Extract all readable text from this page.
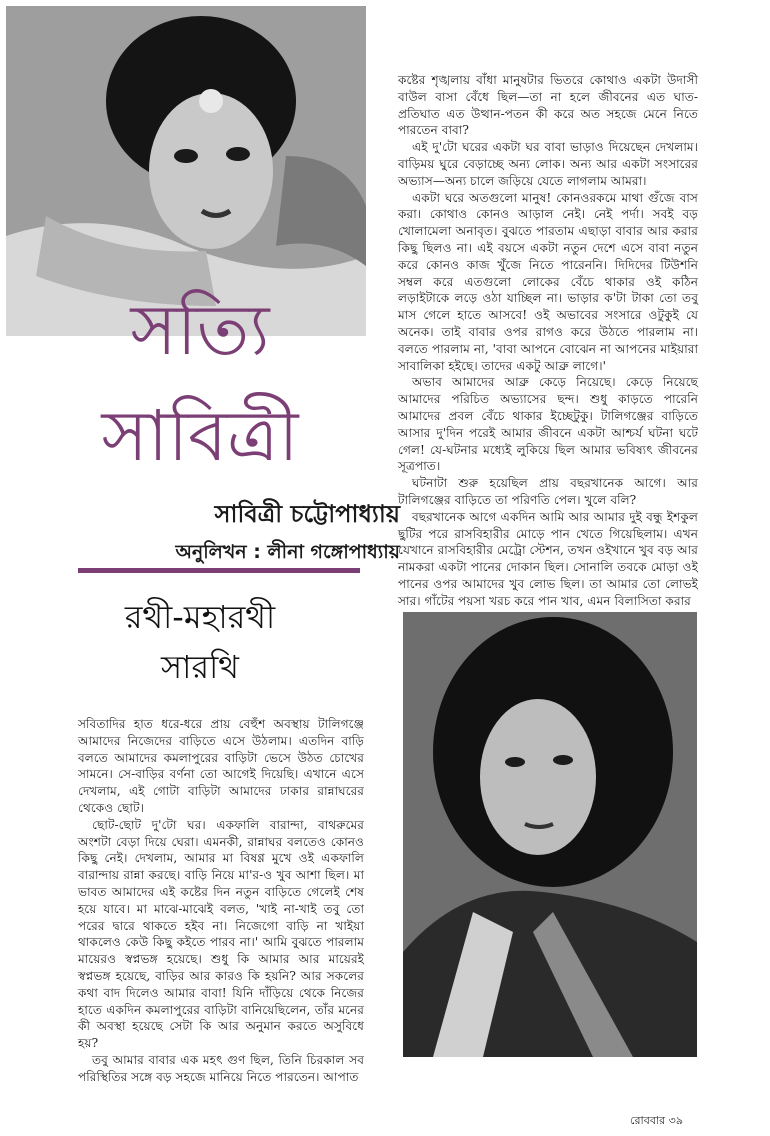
সত্যি
সাবিত্রী
সাবিত্রী চট্টোপাধ্যায়
অনুলিখন : লীনা গঙ্গোপাধ্যায়
রথী-মহারথী
সারথি

সবিতাদির হাত ধরে-ধরে প্রায় বেহুঁশ অবস্থায় টালিগঞ্জে আমাদের নিজেদের বাড়িতে এসে উঠলাম। এতদিন বাড়ি বলতে আমাদের কমলাপুরের বাড়িটা ভেসে উঠত চোখের সামনে। সে-বাড়ির বর্ণনা তো আগেই দিয়েছি। এখানে এসে দেখলাম, এই গোটা বাড়িটা আমাদের ঢাকার রান্নাঘরের থেকেও ছোট।

ছোট-ছোট দু'টো ঘর। একফালি বারান্দা, বাথরুমের অংশটা বেড়া দিয়ে ঘেরা। এমনকী, রান্নাঘর বলতেও কোনও কিছু নেই। দেখলাম, আমার মা বিষণ্ণ মুখে ওই একফালি বারান্দায় রান্না করছে। বাড়ি নিয়ে মা'র-ও খুব আশা ছিল। মা ভাবত আমাদের এই কষ্টের দিন নতুন বাড়িতে গেলেই শেষ হয়ে যাবে। মা মাঝে-মাঝেই বলত, 'খাই না-খাই তবু তো পরের দ্বারে থাকতে হইব না। নিজেগো বাড়ি না খাইয়া থাকলেও কেউ কিছু কইতে পারব না।' আমি বুঝতে পারলাম মায়েরও স্বপ্নভঙ্গ হয়েছে। শুধু কি আমার আর মায়েরই স্বপ্নভঙ্গ হয়েছে, বাড়ির আর কারও কি হয়নি? আর সকলের কথা বাদ দিলেও আমার বাবা! যিনি দাঁড়িয়ে থেকে নিজের হাতে একদিন কমলাপুরের বাড়িটা বানিয়েছিলেন, তাঁর মনের কী অবস্থা হয়েছে সেটা কি আর অনুমান করতে অসুবিধে হয়?

তবু আমার বাবার এক মহৎ গুণ ছিল, তিনি চিরকাল সব পরিস্থিতির সঙ্গে বড় সহজে মানিয়ে নিতে পারতেন। আপাত

কষ্টের শৃঙ্খলায় বাঁধা মানুষটার ভিতরে কোথাও একটা উদাসী বাউল বাসা বেঁধে ছিল—তা না হলে জীবনের এত ঘাত-প্রতিঘাত এত উত্থান-পতন কী করে অত সহজে মেনে নিতে পারতেন বাবা?

এই দু'টো ঘরের একটা ঘর বাবা ভাড়াও দিয়েছেন দেখলাম। বাড়িময় ঘুরে বেড়াচ্ছে অন্য লোক। অন্য আর একটা সংসারের অভ্যাস—অন্য চালে জড়িয়ে যেতে লাগলাম আমরা।

একটা ঘরে অতগুলো মানুষ! কোনওরকমে মাথা গুঁজে বাস করা। কোথাও কোনও আড়াল নেই। নেই পর্দা। সবই বড় খোলামেলা অনাবৃত। বুঝতে পারতাম এছাড়া বাবার আর করার কিছু ছিলও না। এই বয়সে একটা নতুন দেশে এসে বাবা নতুন করে কোনও কাজ খুঁজে নিতে পারেননি। দিদিদের টিউশনি সম্বল করে এতগুলো লোকের বেঁচে থাকার ওই কঠিন লড়াইটাকে লড়ে ওঠা যাচ্ছিল না। ভাড়ার ক'টা টাকা তো তবু মাস গেলে হাতে আসবে! ওই অভাবের সংসারে ওটুকুই যে অনেক। তাই বাবার ওপর রাগও করে উঠতে পারলাম না। বলতে পারলাম না, 'বাবা আপনে বোঝেন না আপনের মাইয়ারা সাবালিকা হইছে। তাদের একটু আব্রু লাগে।'

অভাব আমাদের আব্রু কেড়ে নিয়েছে। কেড়ে নিয়েছে আমাদের পরিচিত অভ্যাসের ছন্দ। শুধু কাড়তে পারেনি আমাদের প্রবল বেঁচে থাকার ইচ্ছেটুকু। টালিগঞ্জের বাড়িতে আসার দু'দিন পরেই আমার জীবনে একটা আশ্চর্য ঘটনা ঘটে গেল! যে-ঘটনার মধ্যেই লুকিয়ে ছিল আমার ভবিষ্যৎ জীবনের সূত্রপাত।

ঘটনাটা শুরু হয়েছিল প্রায় বছরখানেক আগে। আর টালিগঞ্জের বাড়িতে তা পরিণতি পেল। খুলে বলি?

বছরখানেক আগে একদিন আমি আর আমার দুই বন্ধু ইশকুল ছুটির পরে রাসবিহারীর মোড়ে পান খেতে গিয়েছিলাম। এখন যেখানে রাসবিহারীর মেট্রো স্টেশন, তখন ওইখানে খুব বড় আর নামকরা একটা পানের দোকান ছিল। সোনালি তবকে মোড়া ওই পানের ওপর আমাদের খুব লোভ ছিল। তা আমার তো লোভই সার। গাঁটের পয়সা খরচ করে পান খাব, এমন বিলাসিতা করার

রোববার ৩৯
